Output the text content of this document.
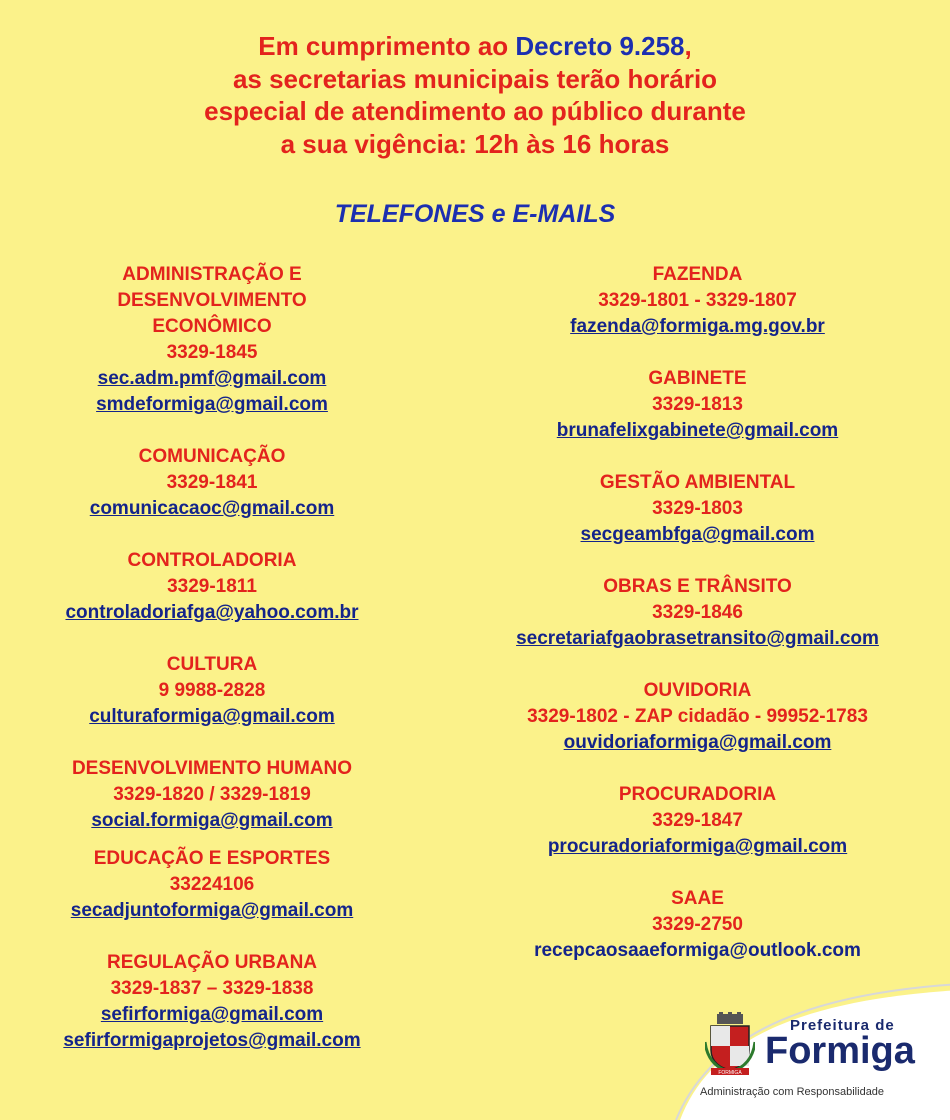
Em cumprimento ao Decreto 9.258,
as secretarias municipais terão horário
especial de atendimento ao público durante
a sua vigência: 12h às 16 horas
TELEFONES e E-MAILS
ADMINISTRAÇÃO E DESENVOLVIMENTO ECONÔMICO
3329-1845
sec.adm.pmf@gmail.com
smdeformiga@gmail.com
COMUNICAÇÃO
3329-1841
comunicacaoc@gmail.com
CONTROLADORIA
3329-1811
controladoriafga@yahoo.com.br
CULTURA
9 9988-2828
culturaformiga@gmail.com
DESENVOLVIMENTO HUMANO
3329-1820 / 3329-1819
social.formiga@gmail.com
EDUCAÇÃO E ESPORTES
33224106
secadjuntoformiga@gmail.com
REGULAÇÃO URBANA
3329-1837 – 3329-1838
sefirformiga@gmail.com
sefirformigaprojetos@gmail.com
FAZENDA
3329-1801 - 3329-1807
fazenda@formiga.mg.gov.br
GABINETE
3329-1813
brunafelixgabinete@gmail.com
GESTÃO AMBIENTAL
3329-1803
secgeambfga@gmail.com
OBRAS E TRÂNSITO
3329-1846
secretariafgaobrasetransito@gmail.com
OUVIDORIA
3329-1802 - ZAP cidadão - 99952-1783
ouvidoriaformiga@gmail.com
PROCURADORIA
3329-1847
procuradoriaformiga@gmail.com
SAAE
3329-2750
recepcaosaaeformiga@outlook.com
FORMIGA
Prefeitura de
Formiga
Administração com Responsabilidade
